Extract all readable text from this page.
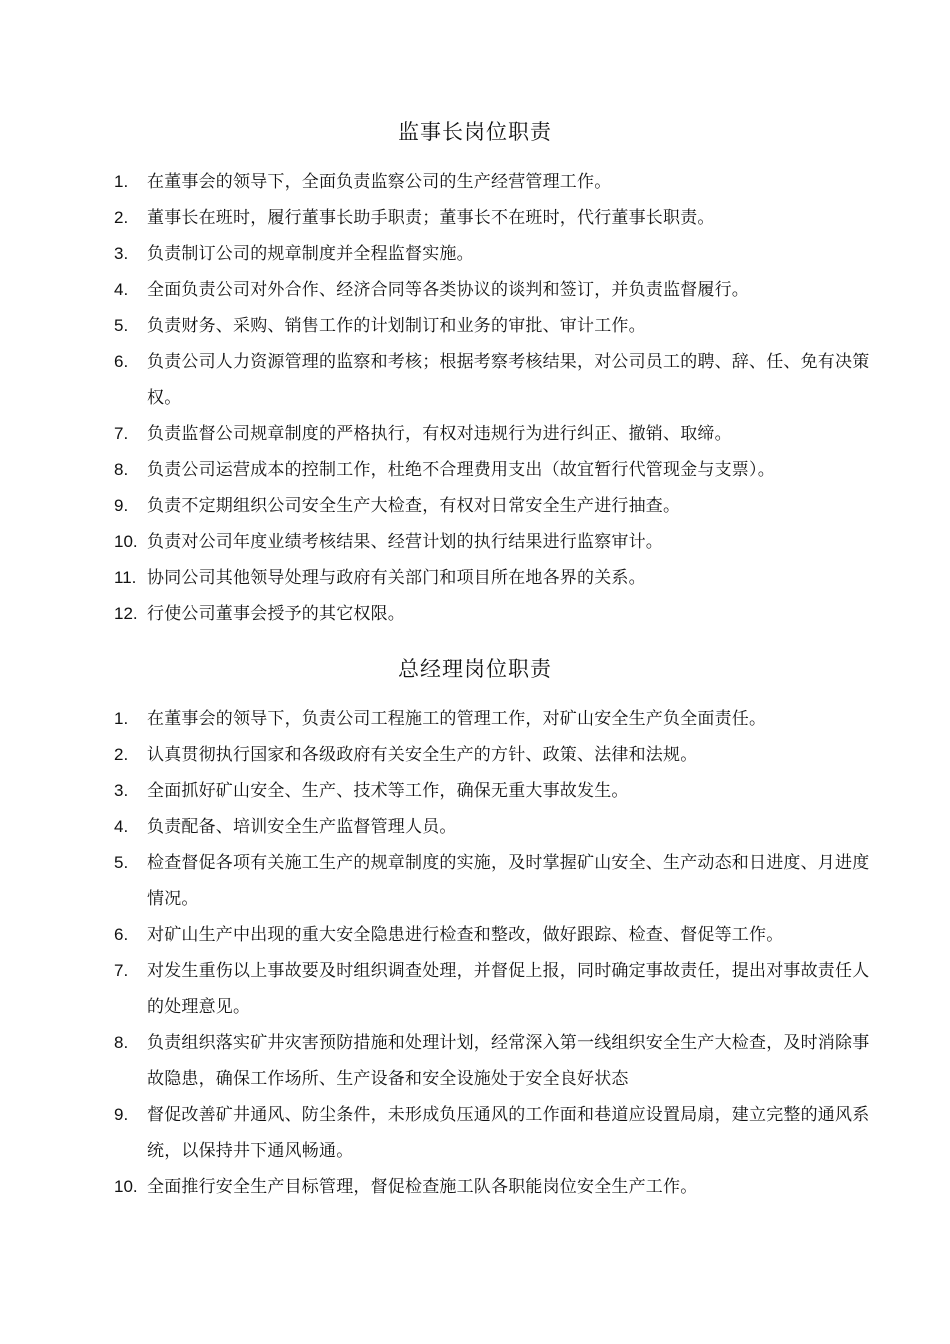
监事长岗位职责
1.	在董事会的领导下，全面负责监察公司的生产经营管理工作。
2.	董事长在班时，履行董事长助手职责；董事长不在班时，代行董事长职责。
3.	负责制订公司的规章制度并全程监督实施。
4.	全面负责公司对外合作、经济合同等各类协议的谈判和签订，并负责监督履行。
5.	负责财务、采购、销售工作的计划制订和业务的审批、审计工作。
6.	负责公司人力资源管理的监察和考核；根据考察考核结果，对公司员工的聘、辞、任、免有决策权。
7.	负责监督公司规章制度的严格执行，有权对违规行为进行纠正、撤销、取缔。
8.	负责公司运营成本的控制工作，杜绝不合理费用支出（故宜暂行代管现金与支票）。
9.	负责不定期组织公司安全生产大检查，有权对日常安全生产进行抽查。
10. 负责对公司年度业绩考核结果、经营计划的执行结果进行监察审计。
11. 协同公司其他领导处理与政府有关部门和项目所在地各界的关系。
12. 行使公司董事会授予的其它权限。
总经理岗位职责
1.	在董事会的领导下，负责公司工程施工的管理工作，对矿山安全生产负全面责任。
2.	认真贯彻执行国家和各级政府有关安全生产的方针、政策、法律和法规。
3.	全面抓好矿山安全、生产、技术等工作，确保无重大事故发生。
4.	负责配备、培训安全生产监督管理人员。
5.	检查督促各项有关施工生产的规章制度的实施，及时掌握矿山安全、生产动态和日进度、月进度情况。
6.	对矿山生产中出现的重大安全隐患进行检查和整改，做好跟踪、检查、督促等工作。
7.	对发生重伤以上事故要及时组织调查处理，并督促上报，同时确定事故责任，提出对事故责任人的处理意见。
8.	负责组织落实矿井灾害预防措施和处理计划，经常深入第一线组织安全生产大检查，及时消除事故隐患，确保工作场所、生产设备和安全设施处于安全良好状态
9.	督促改善矿井通风、防尘条件，未形成负压通风的工作面和巷道应设置局扇，建立完整的通风系统，以保持井下通风畅通。
10. 全面推行安全生产目标管理，督促检查施工队各职能岗位安全生产工作。
